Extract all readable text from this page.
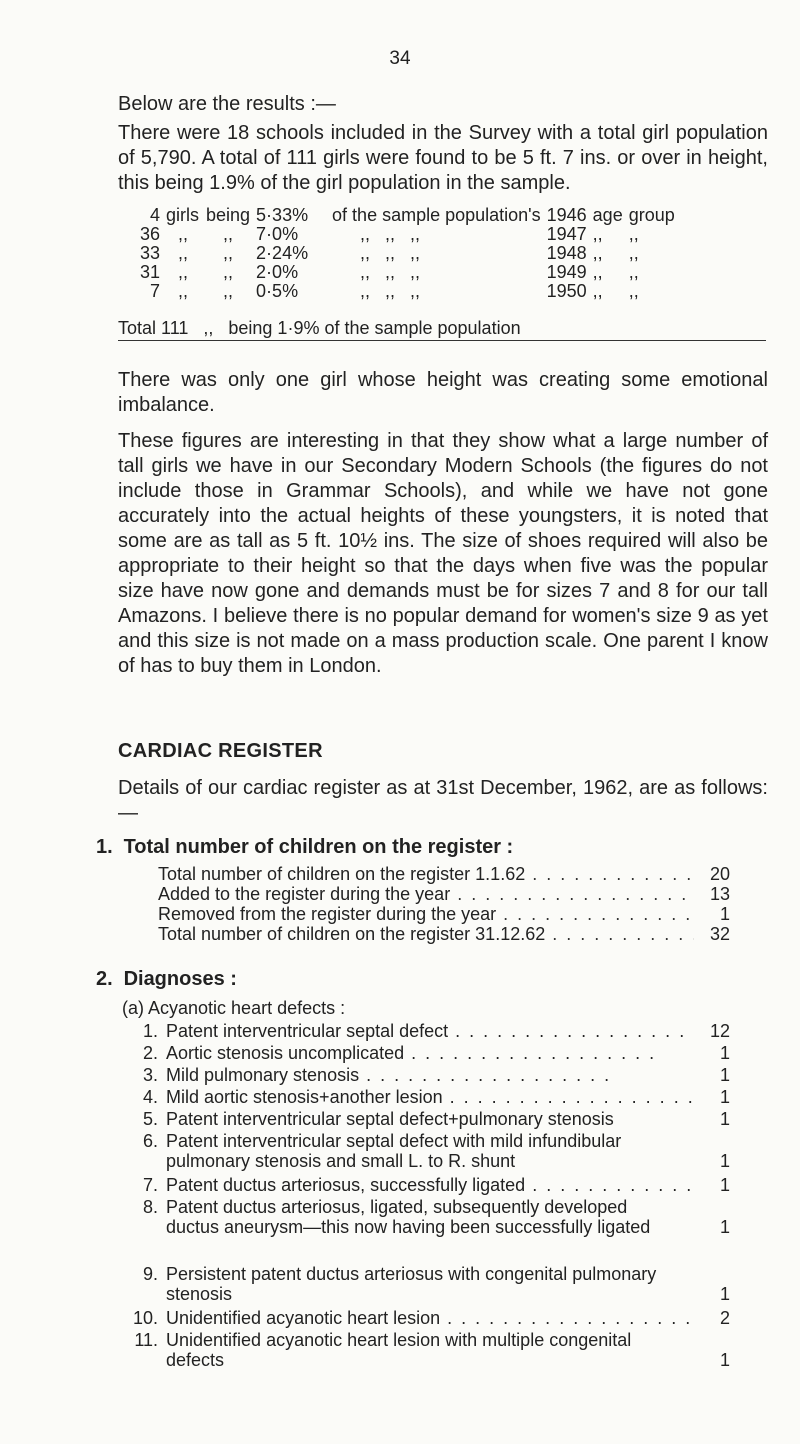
34
Below are the results :—
There were 18 schools included in the Survey with a total girl population of 5,790. A total of 111 girls were found to be 5 ft. 7 ins. or over in height, this being 1.9% of the girl population in the sample.
4	girls	being	5·33%	of the sample population's	1946	age	group
36	,,	,,	7·0%	,,   ,,   ,,	1947	,,	,,
33	,,	,,	2·24%	,,   ,,   ,,	1948	,,	,,
31	,,	,,	2·0%	,,   ,,   ,,	1949	,,	,,
7	,,	,,	0·5%	,,   ,,   ,,	1950	,,	,,
Total 111   ,,   being 1·9% of the sample population
There was only one girl whose height was creating some emotional imbalance.
These figures are interesting in that they show what a large number of tall girls we have in our Secondary Modern Schools (the figures do not include those in Grammar Schools), and while we have not gone accurately into the actual heights of these youngsters, it is noted that some are as tall as 5 ft. 10½ ins. The size of shoes required will also be appropriate to their height so that the days when five was the popular size have now gone and demands must be for sizes 7 and 8 for our tall Amazons. I believe there is no popular demand for women's size 9 as yet and this size is not made on a mass production scale. One parent I know of has to buy them in London.
CARDIAC REGISTER
Details of our cardiac register as at 31st December, 1962, are as follows:—
1. Total number of children on the register :
Total number of children on the register 1.1.62 . .	20
Added to the register during the year . .	13
Removed from the register during the year . .	1
Total number of children on the register 31.12.62 . .	32
2. Diagnoses :
(a) Acyanotic heart defects :
1. Patent interventricular septal defect . .	12
2. Aortic stenosis uncomplicated . .	1
3. Mild pulmonary stenosis . .	1
4. Mild aortic stenosis+another lesion . .	1
5. Patent interventricular septal defect+pulmonary stenosis	1
6. Patent interventricular septal defect with mild infundibular pulmonary stenosis and small L. to R. shunt	1
7. Patent ductus arteriosus, successfully ligated . .	1
8. Patent ductus arteriosus, ligated, subsequently developed ductus aneurysm—this now having been successfully ligated	1
9. Persistent patent ductus arteriosus with congenital pulmonary stenosis	1
10. Unidentified acyanotic heart lesion . .	2
11. Unidentified acyanotic heart lesion with multiple congenital defects	1
